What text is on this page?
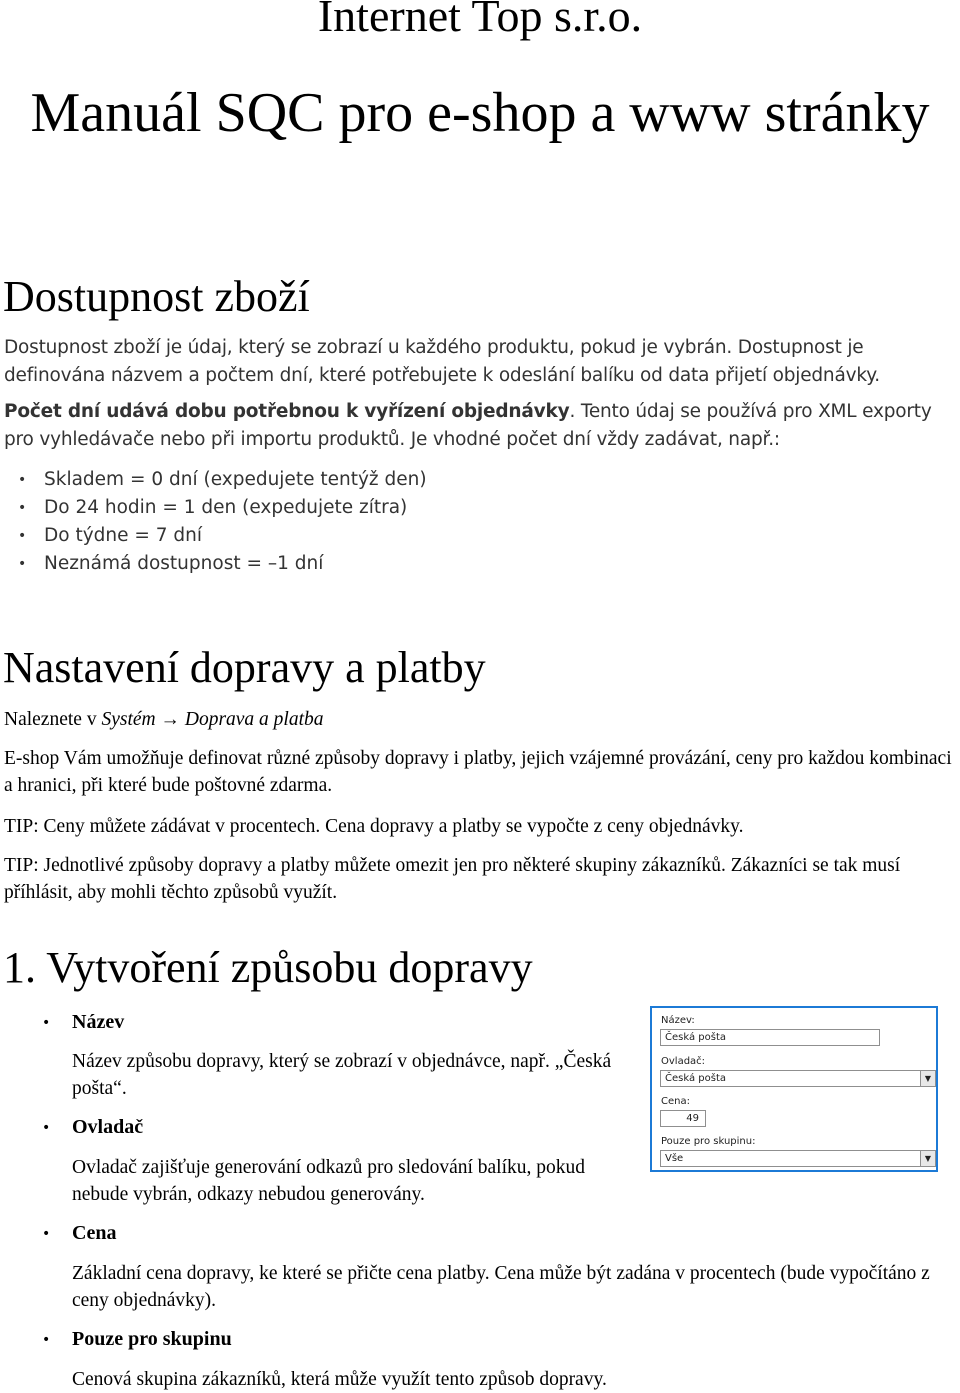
Internet Top s.r.o.
Manuál SQC pro e-shop a www stránky
Dostupnost zboží
Dostupnost zboží je údaj, který se zobrazí u každého produktu, pokud je vybrán. Dostupnost je definována názvem a počtem dní, které potřebujete k odeslání balíku od data přijetí objednávky.
Počet dní udává dobu potřebnou k vyřízení objednávky. Tento údaj se používá pro XML exporty pro vyhledávače nebo při importu produktů. Je vhodné počet dní vždy zadávat, např.:
• Skladem = 0 dní (expedujete tentýž den)
• Do 24 hodin = 1 den (expedujete zítra)
• Do týdne = 7 dní
• Neznámá dostupnost = –1 dní
Nastavení dopravy a platby
Naleznete v Systém → Doprava a platba
E-shop Vám umožňuje definovat různé způsoby dopravy i platby, jejich vzájemné provázání, ceny pro každou kombinaci a hranici, při které bude poštovné zdarma.
TIP: Ceny můžete zádávat v procentech. Cena dopravy a platby se vypočte z ceny objednávky.
TIP: Jednotlivé způsoby dopravy a platby můžete omezit jen pro některé skupiny zákazníků. Zákazníci se tak musí příhlásit, aby mohli těchto způsobů využít.
1. Vytvoření způsobu dopravy
• Název
Název způsobu dopravy, který se zobrazí v objednávce, např. „Česká pošta“.
• Ovladač
Ovladač zajišťuje generování odkazů pro sledování balíku, pokud nebude vybrán, odkazy nebudou generovány.
• Cena
Základní cena dopravy, ke které se přičte cena platby. Cena může být zadána v procentech (bude vypočítáno z ceny objednávky).
• Pouze pro skupinu
Cenová skupina zákazníků, která může využít tento způsob dopravy.
Název:
Česká pošta
Ovladač:
Česká pošta	▼
Cena:
49
Pouze pro skupinu:
Vše	▼
